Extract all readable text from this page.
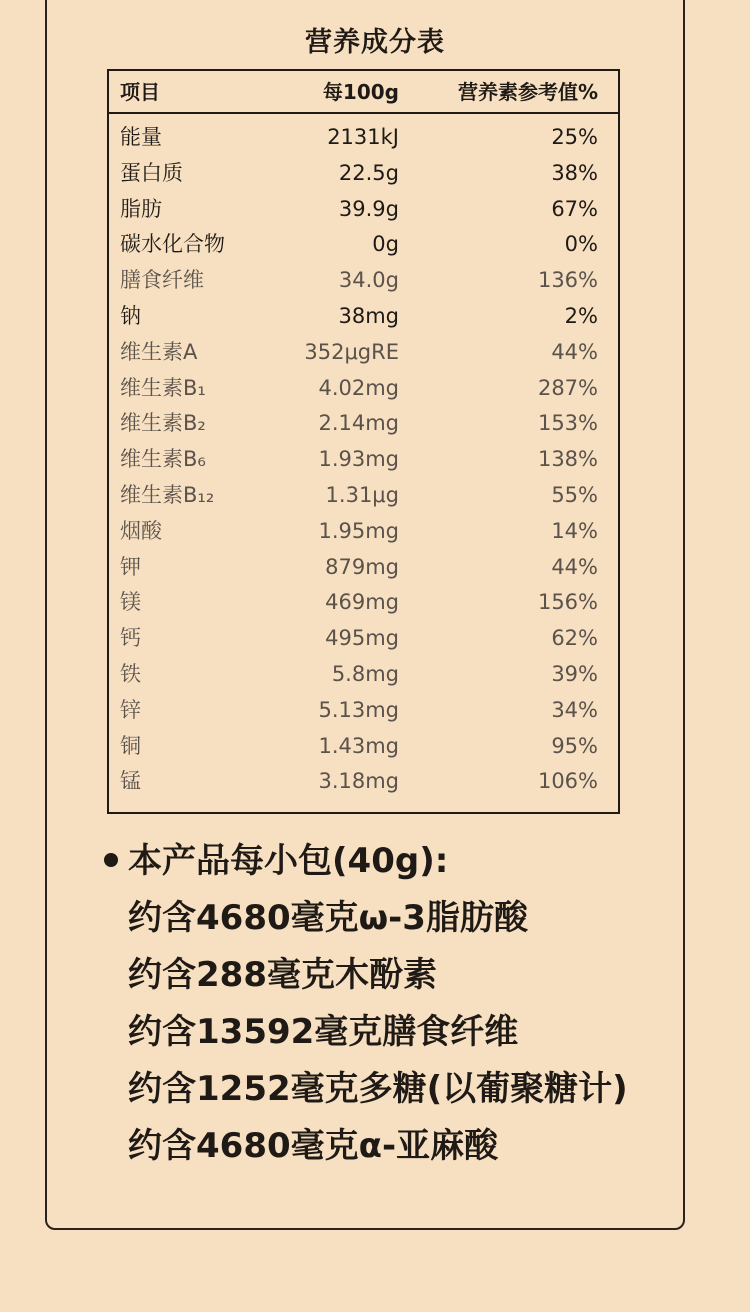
营养成分表
项目	每100g	营养素参考值%
能量	2131kJ	25%
蛋白质	22.5g	38%
脂肪	39.9g	67%
碳水化合物	0g	0%
膳食纤维	34.0g	136%
钠	38mg	2%
维生素A	352μgRE	44%
维生素B₁	4.02mg	287%
维生素B₂	2.14mg	153%
维生素B₆	1.93mg	138%
维生素B₁₂	1.31μg	55%
烟酸	1.95mg	14%
钾	879mg	44%
镁	469mg	156%
钙	495mg	62%
铁	5.8mg	39%
锌	5.13mg	34%
铜	1.43mg	95%
锰	3.18mg	106%
本产品每小包(40g):
约含4680毫克ω-3脂肪酸
约含288毫克木酚素
约含13592毫克膳食纤维
约含1252毫克多糖(以葡聚糖计)
约含4680毫克α-亚麻酸
